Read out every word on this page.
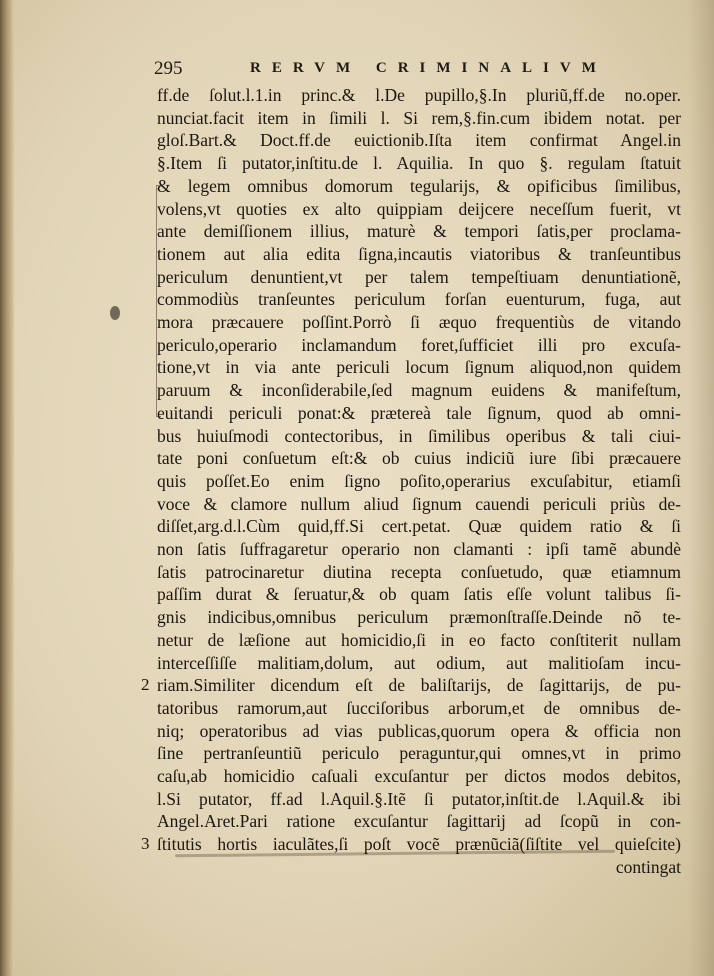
295	RERVM CRIMINALIVM
ff.de ſolut.l.1.in princ.& l.De pupillo,§.In pluriũ,ff.de no.oper.
nunciat.facit item in ſimili l. Si rem,§.fin.cum ibidem notat. per
gloſ.Bart.& Doct.ff.de euictionib.Iſta item confirmat Angel.in
§.Item ſi putator,inſtitu.de l. Aquilia. In quo §. regulam ſtatuit
& legem omnibus domorum tegularijs, & opificibus ſimilibus,
volens,vt quoties ex alto quippiam deijcere neceſſum fuerit, vt
ante demiſſionem illius, maturè & tempori ſatis,per proclama-
tionem aut alia edita ſigna,incautis viatoribus & tranſeuntibus
periculum denuntient,vt per talem tempeſtiuam denuntiationẽ,
commodiùs tranſeuntes periculum forſan euenturum, fuga, aut
mora præcauere poſſint.Porrò ſi æquo frequentiùs de vitando
periculo,operario inclamandum foret,ſufficiet illi pro excuſa-
tione,vt in via ante periculi locum ſignum aliquod,non quidem
paruum & inconſiderabile,ſed magnum euidens & manifeſtum,
euitandi periculi ponat:& prætereà tale ſignum, quod ab omni-
bus huiuſmodi contectoribus, in ſimilibus operibus & tali ciui-
tate poni conſuetum eſt:& ob cuius indiciũ iure ſibi præcauere
quis poſſet.Eo enim ſigno poſito,operarius excuſabitur, etiamſi
voce & clamore nullum aliud ſignum cauendi periculi priùs de-
diſſet,arg.d.l.Cùm quid,ff.Si cert.petat. Quæ quidem ratio & ſi
non ſatis ſuffragaretur operario non clamanti : ipſi tamẽ abundè
ſatis patrocinaretur diutina recepta conſuetudo, quæ etiamnum
paſſim durat & ſeruatur,& ob quam ſatis eſſe volunt talibus ſi-
gnis indicibus,omnibus periculum præmonſtraſſe.Deinde nõ te-
netur de læſione aut homicidio,ſi in eo facto conſtiterit nullam
interceſſiſſe malitiam,dolum, aut odium, aut malitioſam incu-
riam.Similiter dicendum eſt de baliſtarijs, de ſagittarijs, de pu-
tatoribus ramorum,aut ſucciſoribus arborum,et de omnibus de-
niq; operatoribus ad vias publicas,quorum opera & officia non
ſine pertranſeuntiũ periculo peraguntur,qui omnes,vt in primo
caſu,ab homicidio caſuali excuſantur per dictos modos debitos,
l.Si putator, ff.ad l.Aquil.§.Itẽ ſi putator,inſtit.de l.Aquil.& ibi
Angel.Aret.Pari ratione excuſantur ſagittarij ad ſcopũ in con-
ſtitutis hortis iaculãtes,ſi poſt vocẽ prænũciã(ſiſtite vel quieſcite)
contingat
2
3
